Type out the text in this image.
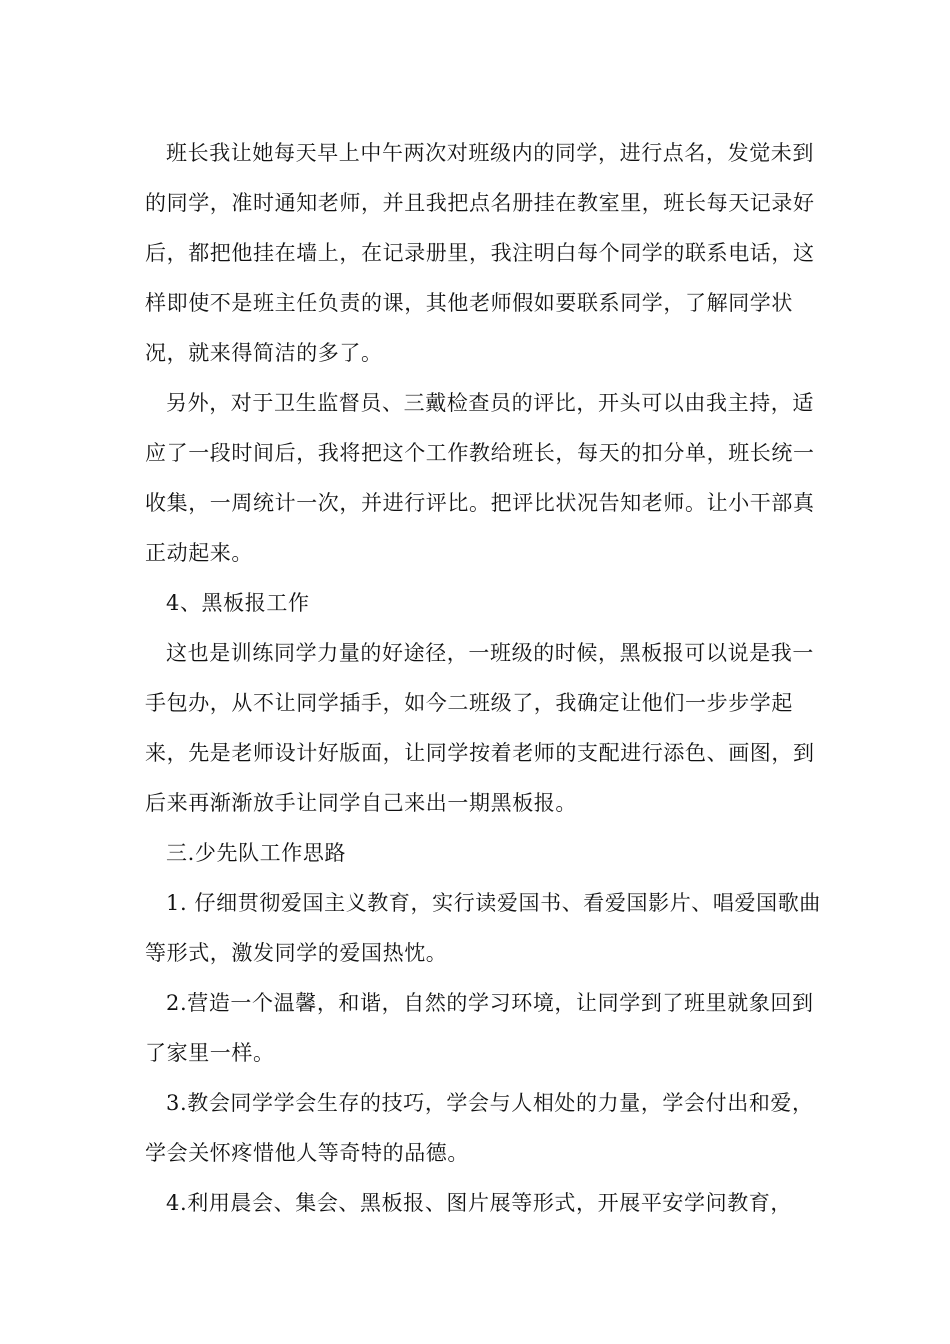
班长我让她每天早上中午两次对班级内的同学，进行点名，发觉未到的同学，准时通知老师，并且我把点名册挂在教室里，班长每天记录好后，都把他挂在墙上，在记录册里，我注明白每个同学的联系电话，这样即使不是班主任负责的课，其他老师假如要联系同学，了解同学状况，就来得简洁的多了。

另外，对于卫生监督员、三戴检查员的评比，开头可以由我主持，适应了一段时间后，我将把这个工作教给班长，每天的扣分单，班长统一收集，一周统计一次，并进行评比。把评比状况告知老师。让小干部真正动起来。

4、黑板报工作

这也是训练同学力量的好途径，一班级的时候，黑板报可以说是我一手包办，从不让同学插手，如今二班级了，我确定让他们一步步学起来，先是老师设计好版面，让同学按着老师的支配进行添色、画图，到后来再渐渐放手让同学自己来出一期黑板报。

三.少先队工作思路

1. 仔细贯彻爱国主义教育，实行读爱国书、看爱国影片、唱爱国歌曲等形式，激发同学的爱国热忱。

2.营造一个温馨，和谐，自然的学习环境，让同学到了班里就象回到了家里一样。

3.教会同学学会生存的技巧，学会与人相处的力量，学会付出和爱，学会关怀疼惜他人等奇特的品德。

4.利用晨会、集会、黑板报、图片展等形式，开展平安学问教育，
